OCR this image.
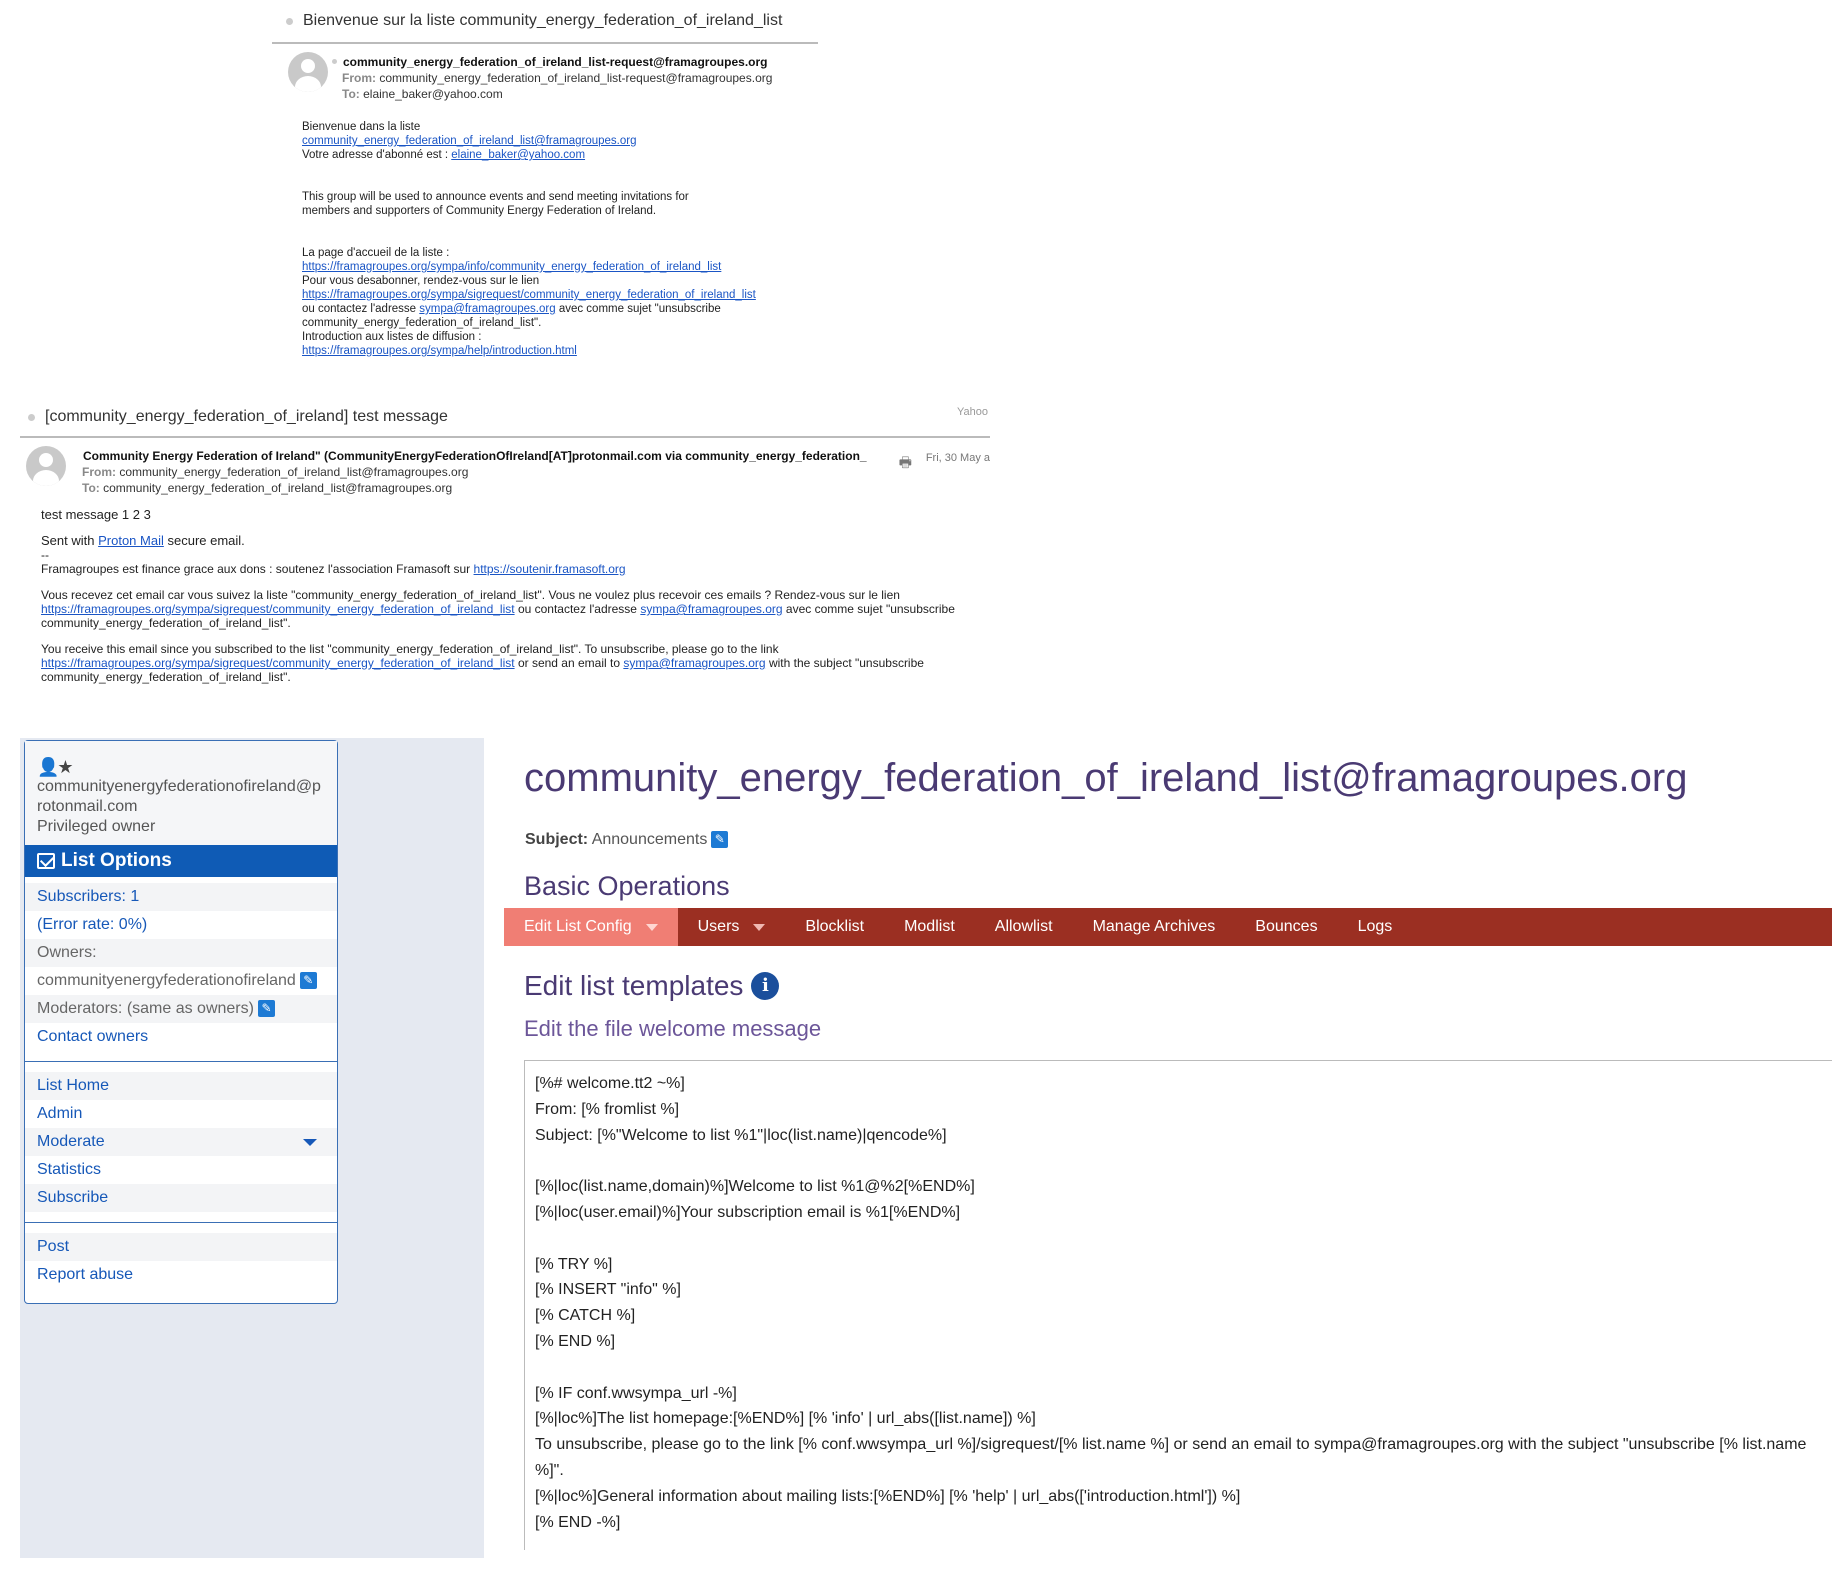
Bienvenue sur la liste community_energy_federation_of_ireland_list
community_energy_federation_of_ireland_list-request@framagroupes.org
From: community_energy_federation_of_ireland_list-request@framagroupes.org
To: elaine_baker@yahoo.com
Bienvenue dans la liste
community_energy_federation_of_ireland_list@framagroupes.org
Votre adresse d'abonné est : elaine_baker@yahoo.com
This group will be used to announce events and send meeting invitations for
members and supporters of Community Energy Federation of Ireland.
La page d'accueil de la liste :
https://framagroupes.org/sympa/info/community_energy_federation_of_ireland_list
Pour vous desabonner, rendez-vous sur le lien
https://framagroupes.org/sympa/sigrequest/community_energy_federation_of_ireland_list
ou contactez l'adresse sympa@framagroupes.org avec comme sujet "unsubscribe
community_energy_federation_of_ireland_list".
Introduction aux listes de diffusion :
https://framagroupes.org/sympa/help/introduction.html
[community_energy_federation_of_ireland] test message	Yahoo
Community Energy Federation of Ireland" (CommunityEnergyFederationOfIreland[AT]protonmail.com via community_energy_federation_	🖶 Fri, 30 May a
From: community_energy_federation_of_ireland_list@framagroupes.org
To: community_energy_federation_of_ireland_list@framagroupes.org
test message 1 2 3
Sent with Proton Mail secure email.
--
Framagroupes est finance grace aux dons : soutenez l'association Framasoft sur https://soutenir.framasoft.org
Vous recevez cet email car vous suivez la liste "community_energy_federation_of_ireland_list". Vous ne voulez plus recevoir ces emails ? Rendez-vous sur le lien
https://framagroupes.org/sympa/sigrequest/community_energy_federation_of_ireland_list ou contactez l'adresse sympa@framagroupes.org avec comme sujet "unsubscribe
community_energy_federation_of_ireland_list".
You receive this email since you subscribed to the list "community_energy_federation_of_ireland_list". To unsubscribe, please go to the link
https://framagroupes.org/sympa/sigrequest/community_energy_federation_of_ireland_list or send an email to sympa@framagroupes.org with the subject "unsubscribe
community_energy_federation_of_ireland_list".
👤★
communityenergyfederationofireland@protonmail.com
Privileged owner
List Options
Subscribers: 1
(Error rate: 0%)
Owners:
communityenergyfederationofireland ✎
Moderators: (same as owners) ✎
Contact owners
List Home
Admin
Moderate
Statistics
Subscribe
Post
Report abuse
community_energy_federation_of_ireland_list@framagroupes.org
Subject: Announcements ✎
Basic Operations
Edit List Config	Users	Blocklist	Modlist	Allowlist	Manage Archives	Bounces	Logs
Edit list templates	i
Edit the file welcome message
[%# welcome.tt2 ~%]
From: [% fromlist %]
Subject: [%"Welcome to list %1"|loc(list.name)|qencode%]

[%|loc(list.name,domain)%]Welcome to list %1@%2[%END%]
[%|loc(user.email)%]Your subscription email is %1[%END%]

[% TRY %]
[% INSERT "info" %]
[% CATCH %]
[% END %]

[% IF conf.wwsympa_url -%]
[%|loc%]The list homepage:[%END%] [% 'info' | url_abs([list.name]) %]
To unsubscribe, please go to the link [% conf.wwsympa_url %]/sigrequest/[% list.name %] or send an email to sympa@framagroupes.org with the subject "unsubscribe [% list.name %]".
[%|loc%]General information about mailing lists:[%END%] [% 'help' | url_abs(['introduction.html']) %]
[% END -%]
